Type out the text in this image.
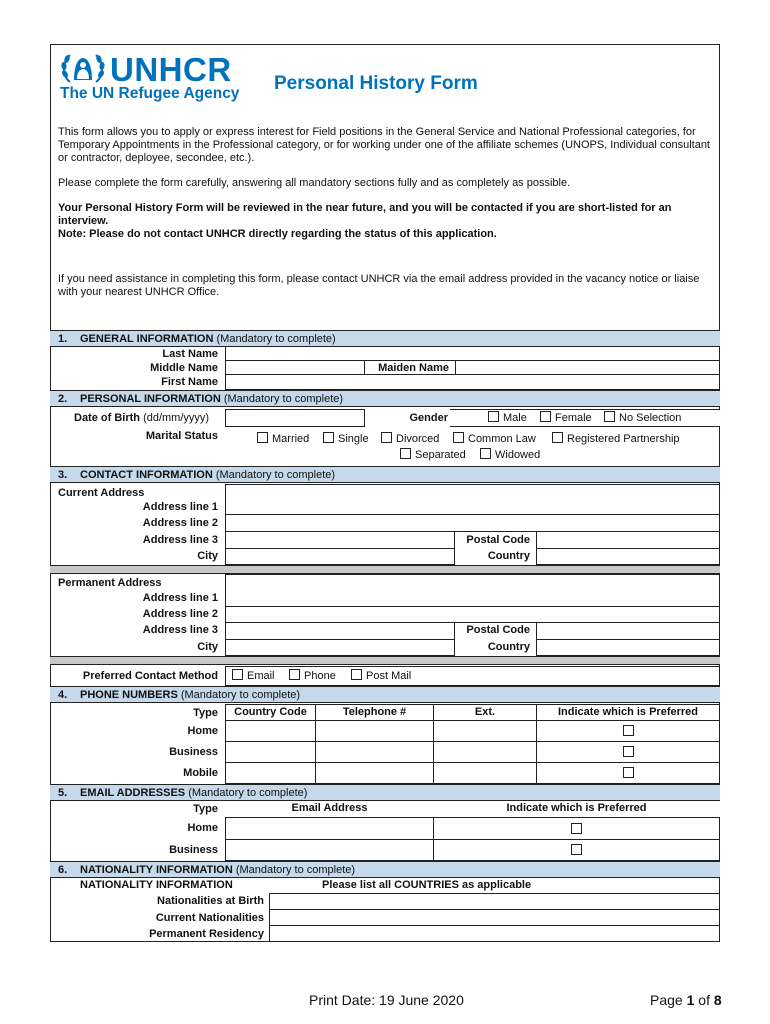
UNHCR
The UN Refugee Agency Personal History Form
This form allows you to apply or express interest for Field positions in the General Service and National Professional categories, for Temporary Appointments in the Professional category, or for working under one of the affiliate schemes (UNOPS, Individual consultant or contractor, deployee, secondee, etc.).
Please complete the form carefully, answering all mandatory sections fully and as completely as possible.
Your Personal History Form will be reviewed in the near future, and you will be contacted if you are short-listed for an interview.
Note: Please do not contact UNHCR directly regarding the status of this application.
If you need assistance in completing this form, please contact UNHCR via the email address provided in the vacancy notice or liaise with your nearest UNHCR Office.
1. GENERAL INFORMATION (Mandatory to complete)
Last Name
Middle Name	Maiden Name
First Name
2. PERSONAL INFORMATION (Mandatory to complete)
Date of Birth (dd/mm/yyyy)	Gender	Male	Female	No Selection
Marital Status	Married	Single	Divorced	Common Law	Registered Partnership
Separated	Widowed
3. CONTACT INFORMATION (Mandatory to complete)
Current Address
Address line 1
Address line 2
Address line 3	Postal Code
City	Country
Permanent Address
Address line 1
Address line 2
Address line 3	Postal Code
City	Country
Preferred Contact Method	Email	Phone	Post Mail
4. PHONE NUMBERS (Mandatory to complete)
Type	Country Code	Telephone #	Ext.	Indicate which is Preferred
Home
Business
Mobile
5. EMAIL ADDRESSES (Mandatory to complete)
Type	Email Address	Indicate which is Preferred
Home
Business
6. NATIONALITY INFORMATION (Mandatory to complete)
NATIONALITY INFORMATION	Please list all COUNTRIES as applicable
Nationalities at Birth
Current Nationalities
Permanent Residency
Print Date: 19 June 2020	Page 1 of 8
